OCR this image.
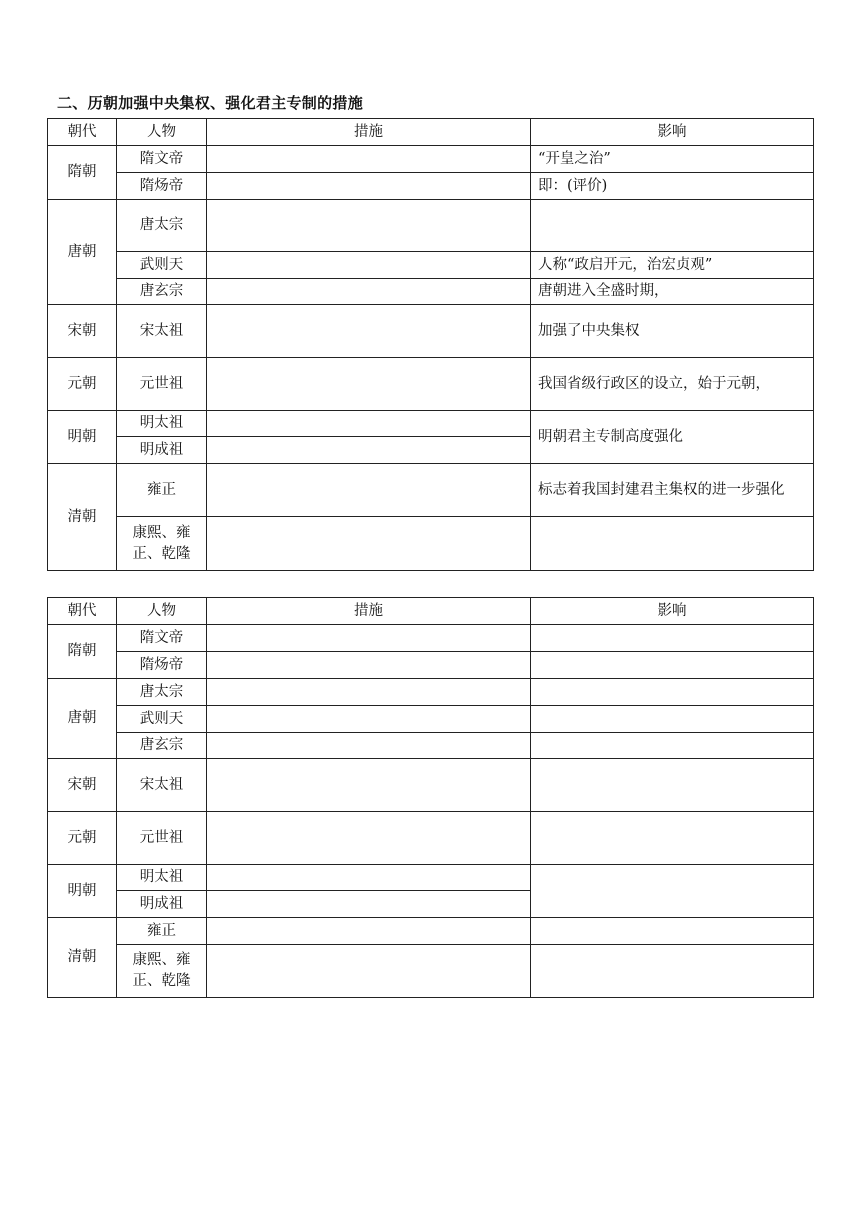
二、历朝加强中央集权、强化君主专制的措施
朝代	人物	措施	影响
隋朝	隋文帝		“开皇之治”
	隋炀帝		即：(评价)
唐朝	唐太宗		
	武则天		人称“政启开元，治宏贞观”
	唐玄宗		唐朝进入全盛时期，
宋朝	宋太祖		加强了中央集权
元朝	元世祖		我国省级行政区的设立，始于元朝，
明朝	明太祖		明朝君主专制高度强化
	明成祖		
清朝	雍正		标志着我国封建君主集权的进一步强化
	康熙、雍正、乾隆		
朝代	人物	措施	影响
隋朝	隋文帝		
	隋炀帝		
唐朝	唐太宗		
	武则天		
	唐玄宗		
宋朝	宋太祖		
元朝	元世祖		
明朝	明太祖		
	明成祖		
清朝	雍正		
	康熙、雍正、乾隆		
